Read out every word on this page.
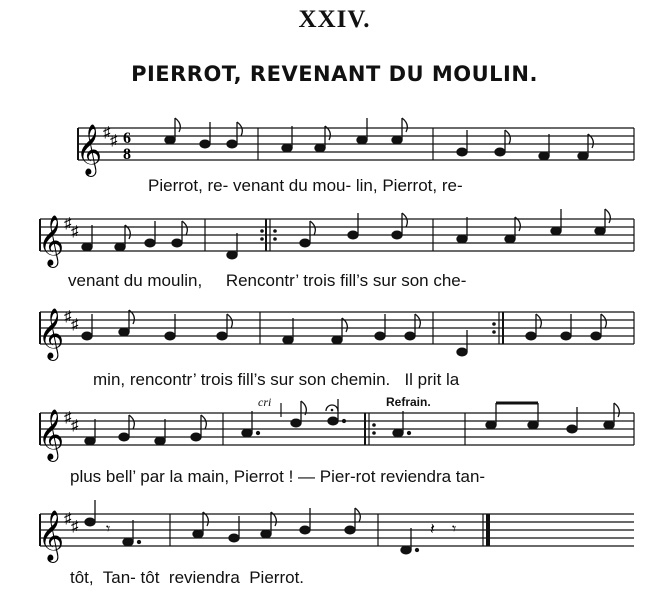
XXIV.
PIERROT, REVENANT DU MOULIN.
𝄞 ♯ ♯ 6
8
Pierrot, re- venant du mou- lin, Pierrot, re-
𝄞 ♯ ♯
venant du moulin,     Rencontr’ trois fill’s sur son che-
𝄞 ♯ ♯
min, rencontr’ trois fill’s sur son chemin.   Il prit la
𝄞 ♯ ♯
cri	Refrain.
plus bell’ par la main, Pierrot ! — Pier-rot reviendra tan-
𝄞 ♯ ♯ 𝄾	𝄽 𝄾
tôt,  Tan- tôt  reviendra  Pierrot.
